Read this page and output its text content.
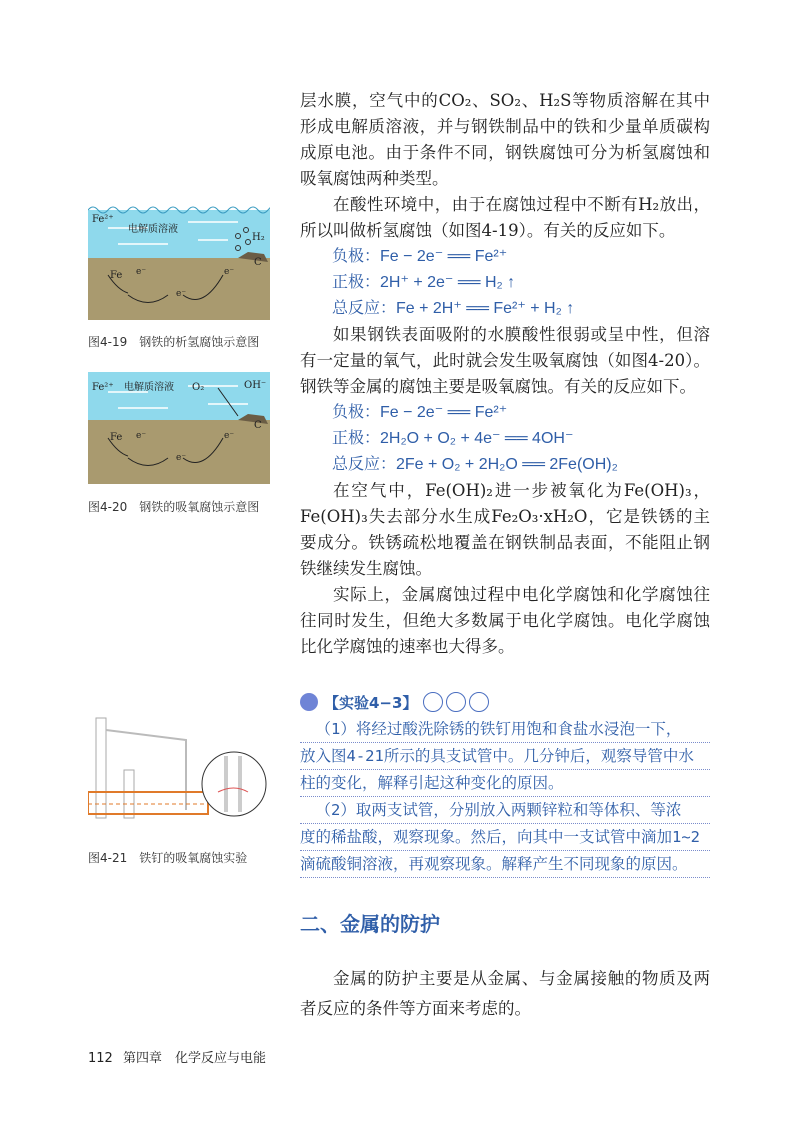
层水膜，空气中的CO₂、SO₂、H₂S等物质溶解在其中形成电解质溶液，并与钢铁制品中的铁和少量单质碳构成原电池。由于条件不同，钢铁腐蚀可分为析氢腐蚀和吸氧腐蚀两种类型。

在酸性环境中，由于在腐蚀过程中不断有H₂放出，所以叫做析氢腐蚀（如图4-19）。有关的反应如下。

负极：Fe − 2e⁻ ══ Fe²⁺
正极：2H⁺ + 2e⁻ ══ H₂ ↑
总反应：Fe + 2H⁺ ══ Fe²⁺ + H₂ ↑

如果钢铁表面吸附的水膜酸性很弱或呈中性，但溶有一定量的氧气，此时就会发生吸氧腐蚀（如图4-20）。钢铁等金属的腐蚀主要是吸氧腐蚀。有关的反应如下。

负极：Fe − 2e⁻ ══ Fe²⁺
正极：2H₂O + O₂ + 4e⁻ ══ 4OH⁻
总反应：2Fe + O₂ + 2H₂O ══ 2Fe(OH)₂

在空气中，Fe(OH)₂进一步被氧化为Fe(OH)₃，Fe(OH)₃失去部分水生成Fe₂O₃·xH₂O，它是铁锈的主要成分。铁锈疏松地覆盖在钢铁制品表面，不能阻止钢铁继续发生腐蚀。

实际上，金属腐蚀过程中电化学腐蚀和化学腐蚀往往同时发生，但绝大多数属于电化学腐蚀。电化学腐蚀比化学腐蚀的速率也大得多。

Fe²⁺
电解质溶液
H₂
C
Fe e⁻
e⁻
e⁻
图4-19　钢铁的析氢腐蚀示意图
Fe²⁺ 电解质溶液 O₂	OH⁻
C
Fe e⁻
e⁻
e⁻
图4-20　钢铁的吸氧腐蚀示意图
图4-21　铁钉的吸氧腐蚀实验
【实验4−3】
（1）将经过酸洗除锈的铁钉用饱和食盐水浸泡一下，
放入图4-21所示的具支试管中。几分钟后，观察导管中水
柱的变化，解释引起这种变化的原因。
（2）取两支试管，分别放入两颗锌粒和等体积、等浓
度的稀盐酸，观察现象。然后，向其中一支试管中滴加1~2
滴硫酸铜溶液，再观察现象。解释产生不同现象的原因。
二、金属的防护

金属的防护主要是从金属、与金属接触的物质及两者反应的条件等方面来考虑的。

112 第四章　化学反应与电能
